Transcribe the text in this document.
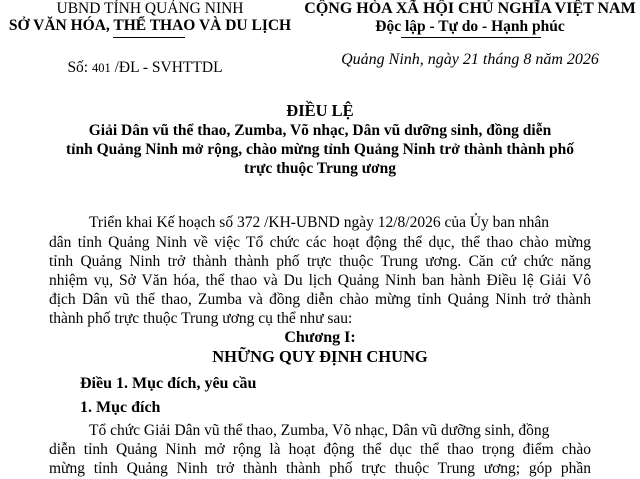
UBND TỈNH QUẢNG NINH
SỞ VĂN HÓA, THỂ THAO VÀ DU LỊCH
CỘNG HÒA XÃ HỘI CHỦ NGHĨA VIỆT NAM
Độc lập - Tự do - Hạnh phúc
Số: 401 /ĐL - SVHTTDL	Quảng Ninh, ngày 21 tháng 8 năm 2026
ĐIỀU LỆ
Giải Dân vũ thể thao, Zumba, Võ nhạc, Dân vũ dưỡng sinh, đồng diễn
tỉnh Quảng Ninh mở rộng, chào mừng tỉnh Quảng Ninh trở thành thành phố
trực thuộc Trung ương
Triển khai Kế hoạch số 372 /KH-UBND ngày 12/8/2026 của Ủy ban nhân
dân tỉnh Quảng Ninh về việc Tổ chức các hoạt động thể dục, thể thao chào mừng
tỉnh Quảng Ninh trở thành thành phố trực thuộc Trung ương. Căn cứ chức năng
nhiệm vụ, Sở Văn hóa, thể thao và Du lịch Quảng Ninh ban hành Điều lệ Giải Vô
địch Dân vũ thể thao, Zumba và đồng diễn chào mừng tỉnh Quảng Ninh trở thành
thành phố trực thuộc Trung ương cụ thể như sau:
Chương I:
NHỮNG QUY ĐỊNH CHUNG
Điều 1. Mục đích, yêu cầu
1. Mục đích
Tổ chức Giải Dân vũ thể thao, Zumba, Võ nhạc, Dân vũ dưỡng sinh, đồng
diễn tỉnh Quảng Ninh mở rộng là hoạt động thể dục thể thao trọng điểm chào
mừng tỉnh Quảng Ninh trở thành thành phố trực thuộc Trung ương; góp phần
